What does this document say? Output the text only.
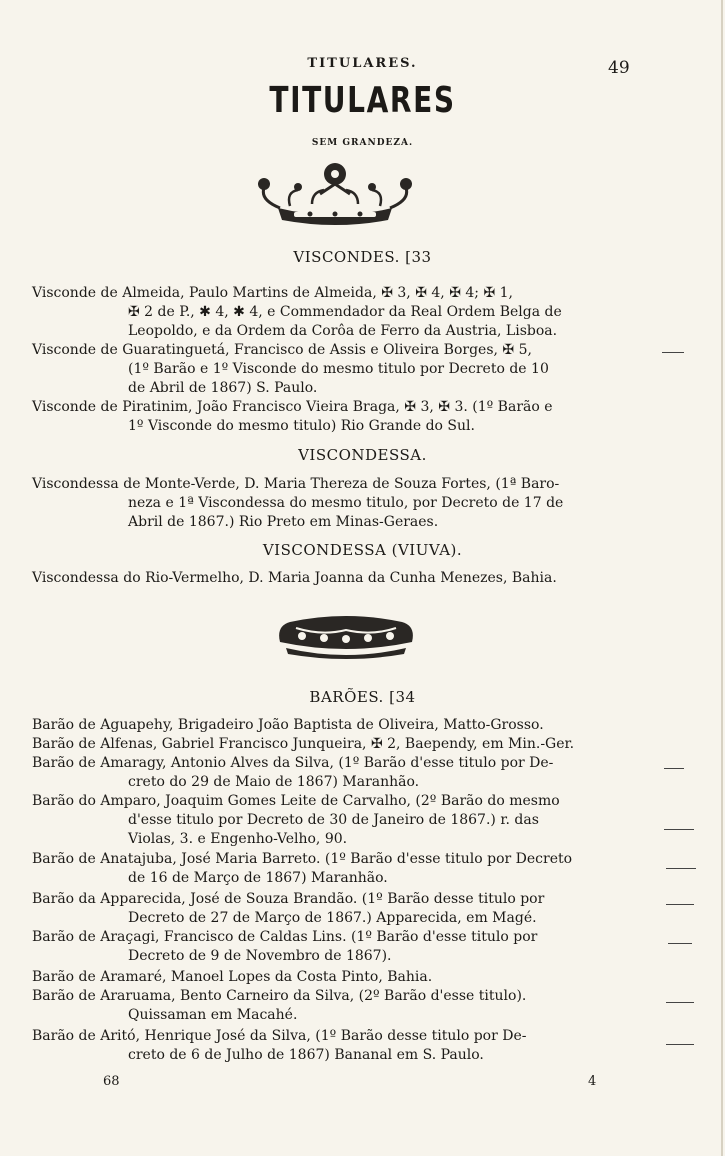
TITULARES.	49
TITULARES
SEM GRANDEZA.
VISCONDES. [33
Visconde de Almeida, Paulo Martins de Almeida, ✠ 3, ✠ 4, ✠ 4; ✠ 1,
✠ 2 de P., ✱ 4, ✱ 4, e Commendador da Real Ordem Belga de
Leopoldo, e da Ordem da Corôa de Ferro da Austria, Lisboa.
Visconde de Guaratinguetá, Francisco de Assis e Oliveira Borges, ✠ 5,
(1º Barão e 1º Visconde do mesmo titulo por Decreto de 10
de Abril de 1867) S. Paulo.
Visconde de Piratinim, João Francisco Vieira Braga, ✠ 3, ✠ 3. (1º Barão e
1º Visconde do mesmo titulo) Rio Grande do Sul.
VISCONDESSA.
Viscondessa de Monte-Verde, D. Maria Thereza de Souza Fortes, (1ª Baro-
neza e 1ª Viscondessa do mesmo titulo, por Decreto de 17 de
Abril de 1867.) Rio Preto em Minas-Geraes.
VISCONDESSA (VIUVA).
Viscondessa do Rio-Vermelho, D. Maria Joanna da Cunha Menezes, Bahia.
BARÕES. [34
Barão de Aguapehy, Brigadeiro João Baptista de Oliveira, Matto-Grosso.
Barão de Alfenas, Gabriel Francisco Junqueira, ✠ 2, Baependy, em Min.-Ger.
Barão de Amaragy, Antonio Alves da Silva, (1º Barão d'esse titulo por De-
creto do 29 de Maio de 1867) Maranhão.
Barão do Amparo, Joaquim Gomes Leite de Carvalho, (2º Barão do mesmo
d'esse titulo por Decreto de 30 de Janeiro de 1867.) r. das
Violas, 3. e Engenho-Velho, 90.
Barão de Anatajuba, José Maria Barreto. (1º Barão d'esse titulo por Decreto
de 16 de Março de 1867) Maranhão.
Barão da Apparecida, José de Souza Brandão. (1º Barão desse titulo por
Decreto de 27 de Março de 1867.) Apparecida, em Magé.
Barão de Araçagi, Francisco de Caldas Lins. (1º Barão d'esse titulo por
Decreto de 9 de Novembro de 1867).
Barão de Aramaré, Manoel Lopes da Costa Pinto, Bahia.
Barão de Araruama, Bento Carneiro da Silva, (2º Barão d'esse titulo).
Quissaman em Macahé.
Barão de Aritó, Henrique José da Silva, (1º Barão desse titulo por De-
creto de 6 de Julho de 1867) Bananal em S. Paulo.
68	4
